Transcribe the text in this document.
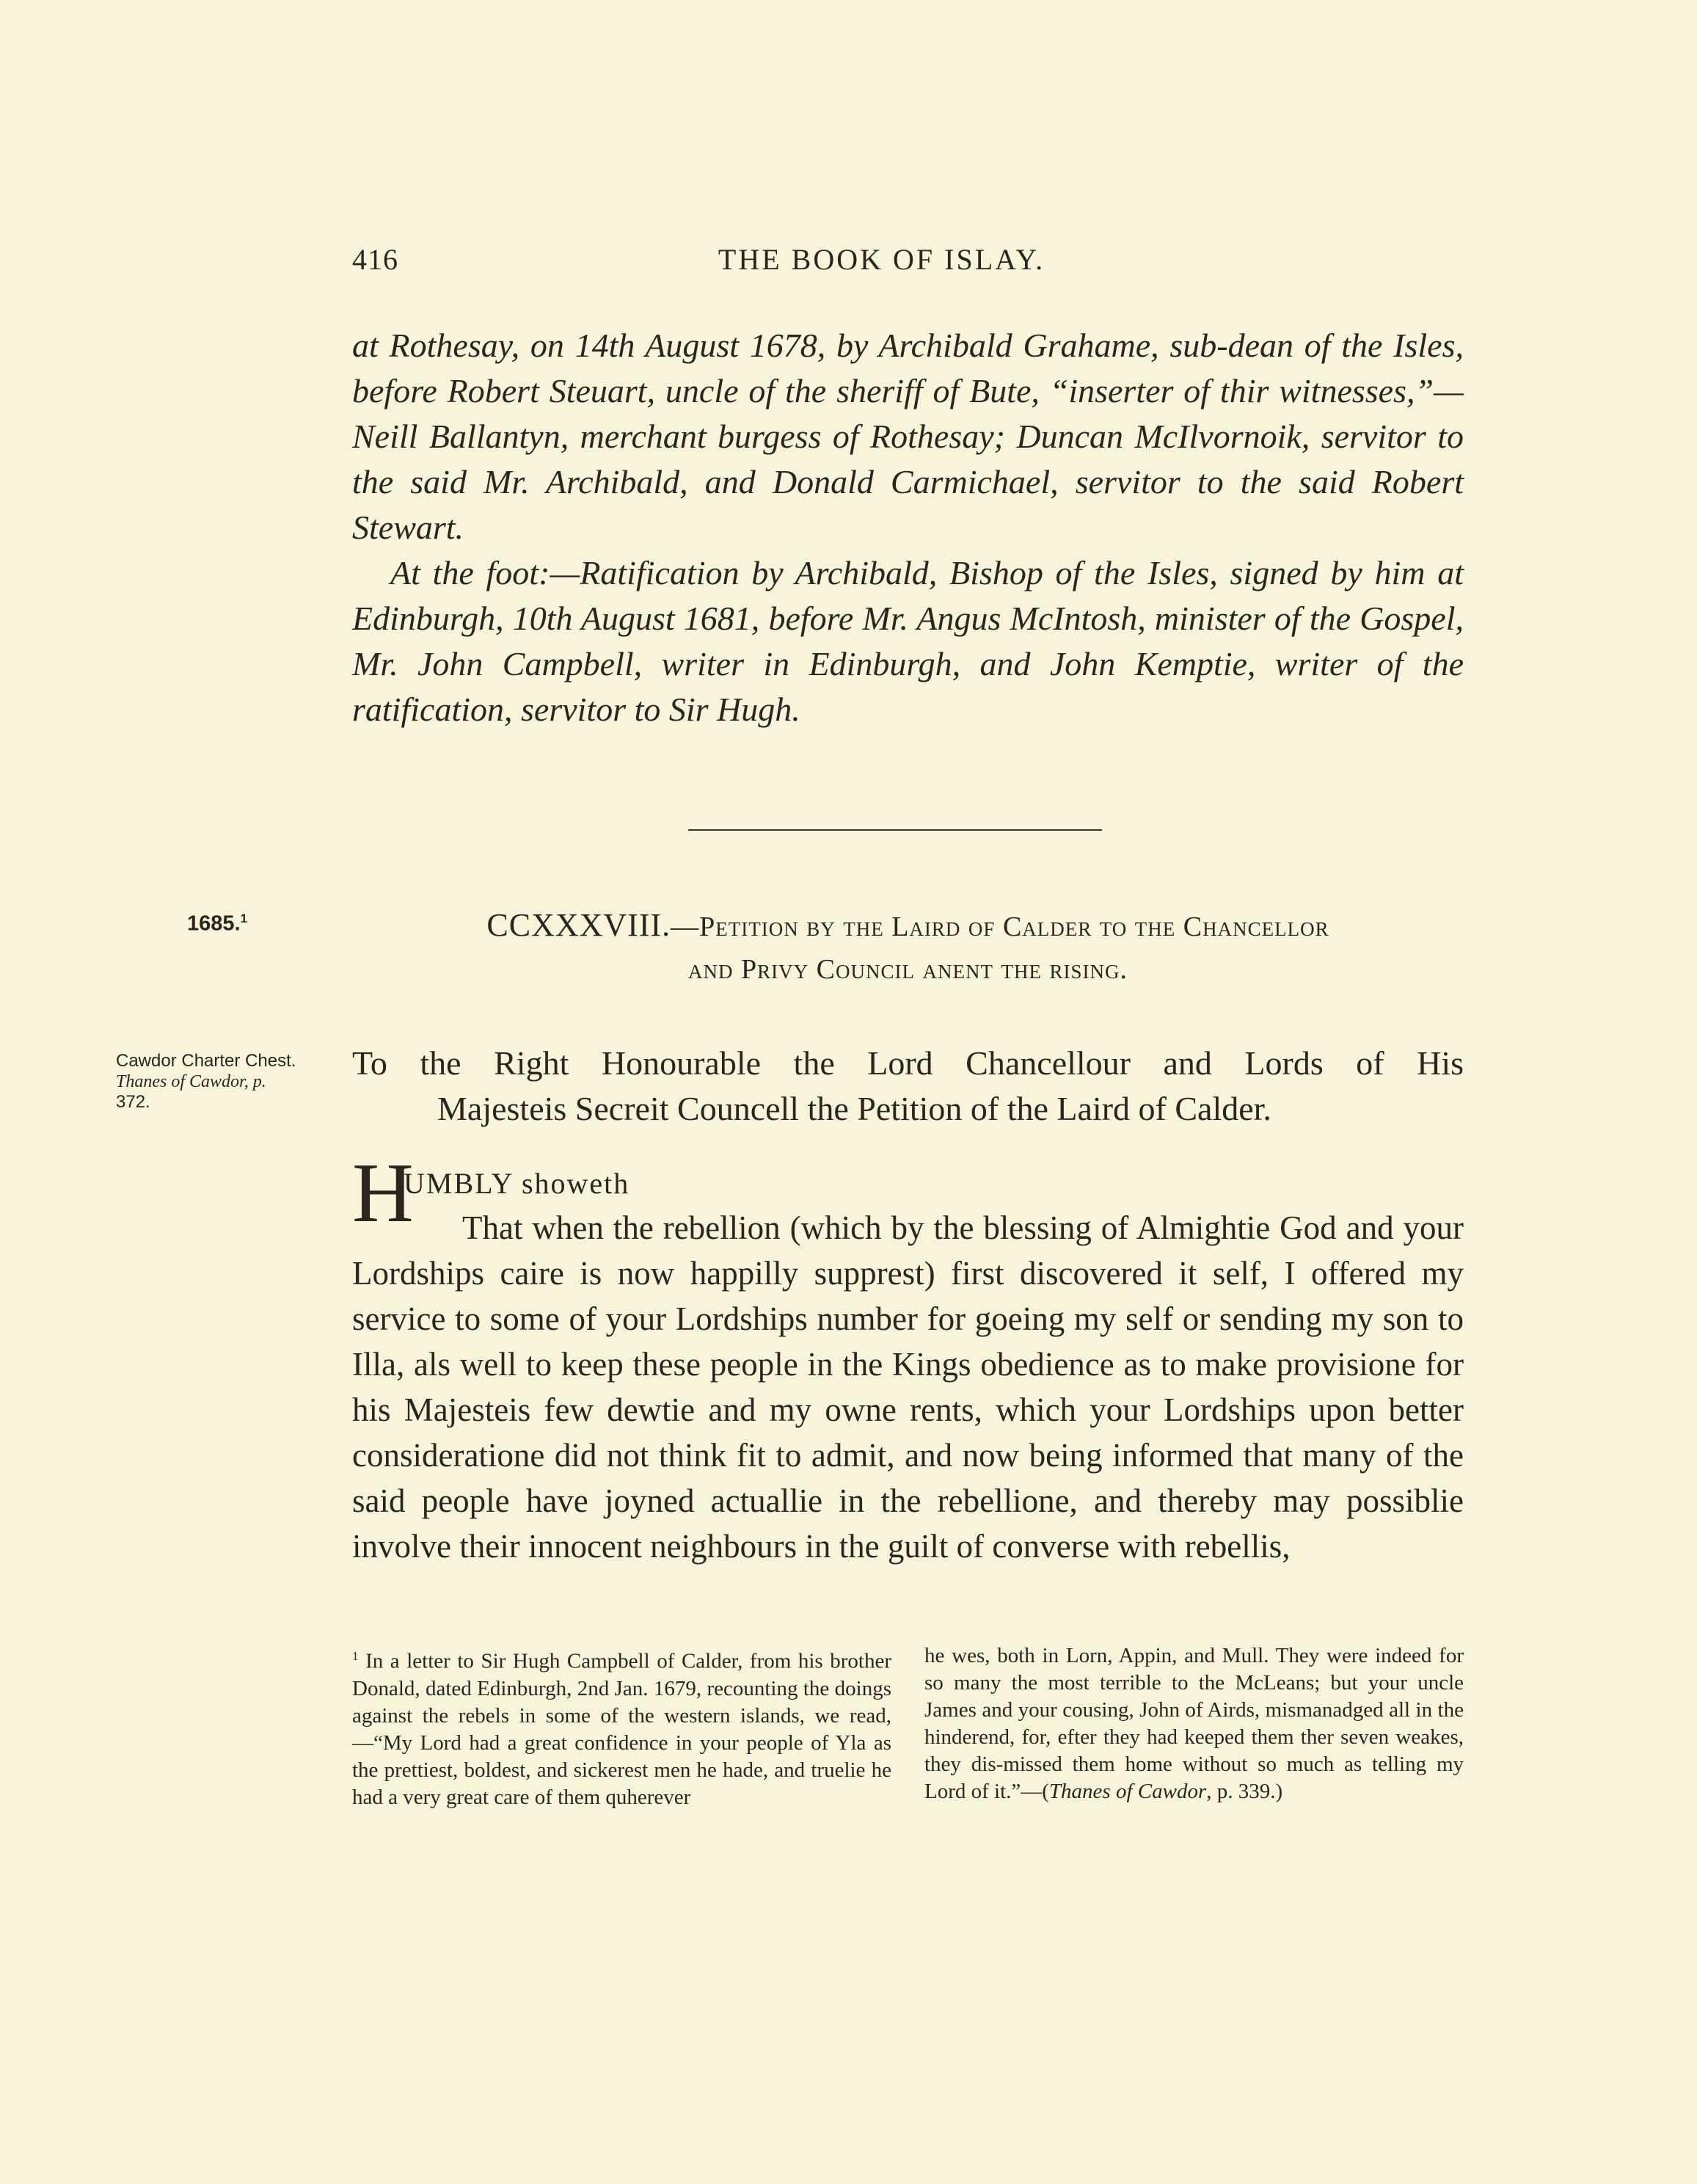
416	THE BOOK OF ISLAY.

at Rothesay, on 14th August 1678, by Archibald Grahame, sub-dean of the Isles, before Robert Steuart, uncle of the sheriff of Bute, “inserter of thir witnesses,”—Neill Ballantyn, merchant burgess of Rothesay; Duncan McIlvornoik, servitor to the said Mr. Archibald, and Donald Carmichael, servitor to the said Robert Stewart.

At the foot:—Ratification by Archibald, Bishop of the Isles, signed by him at Edinburgh, 10th August 1681, before Mr. Angus McIntosh, minister of the Gospel, Mr. John Campbell, writer in Edinburgh, and John Kemptie, writer of the ratification, servitor to Sir Hugh.

1685.$^1$
Cawdor Charter Chest.
Thanes of Cawdor, p.
372.
CCXXXVIII.—Petition by the Laird of Calder to the Chancellor
and Privy Council anent the rising.
To the Right Honourable the Lord Chancellour and Lords of His
Majesteis Secreit Councell the Petition of the Laird of Calder.
H
UMBLY showeth

That when the rebellion (which by the blessing of Almightie God and your Lordships caire is now happilly supprest) first discovered it self, I offered my service to some of your Lordships number for goeing my self or sending my son to Illa, als well to keep these people in the Kings obedience as to make provisione for his Majesteis few dewtie and my owne rents, which your Lordships upon better consideratione did not think fit to admit, and now being informed that many of the said people have joyned actuallie in the rebellione, and thereby may possiblie involve their innocent neighbours in the guilt of converse with rebellis,

$^1$ In a letter to Sir Hugh Campbell of Calder, from his brother Donald, dated Edinburgh, 2nd Jan. 1679, recounting the doings against the rebels in some of the western islands, we read,—“My Lord had a great confidence in your people of Yla as the prettiest, boldest, and sickerest men he hade, and truelie he had a very great care of them quherever
he wes, both in Lorn, Appin, and Mull. They were indeed for so many the most terrible to the McLeans; but your uncle James and your cousing, John of Airds, mismanadged all in the hinderend, for, efter they had keeped them ther seven weakes, they dis-missed them home without so much as telling my Lord of it.”—(Thanes of Cawdor, p. 339.)
